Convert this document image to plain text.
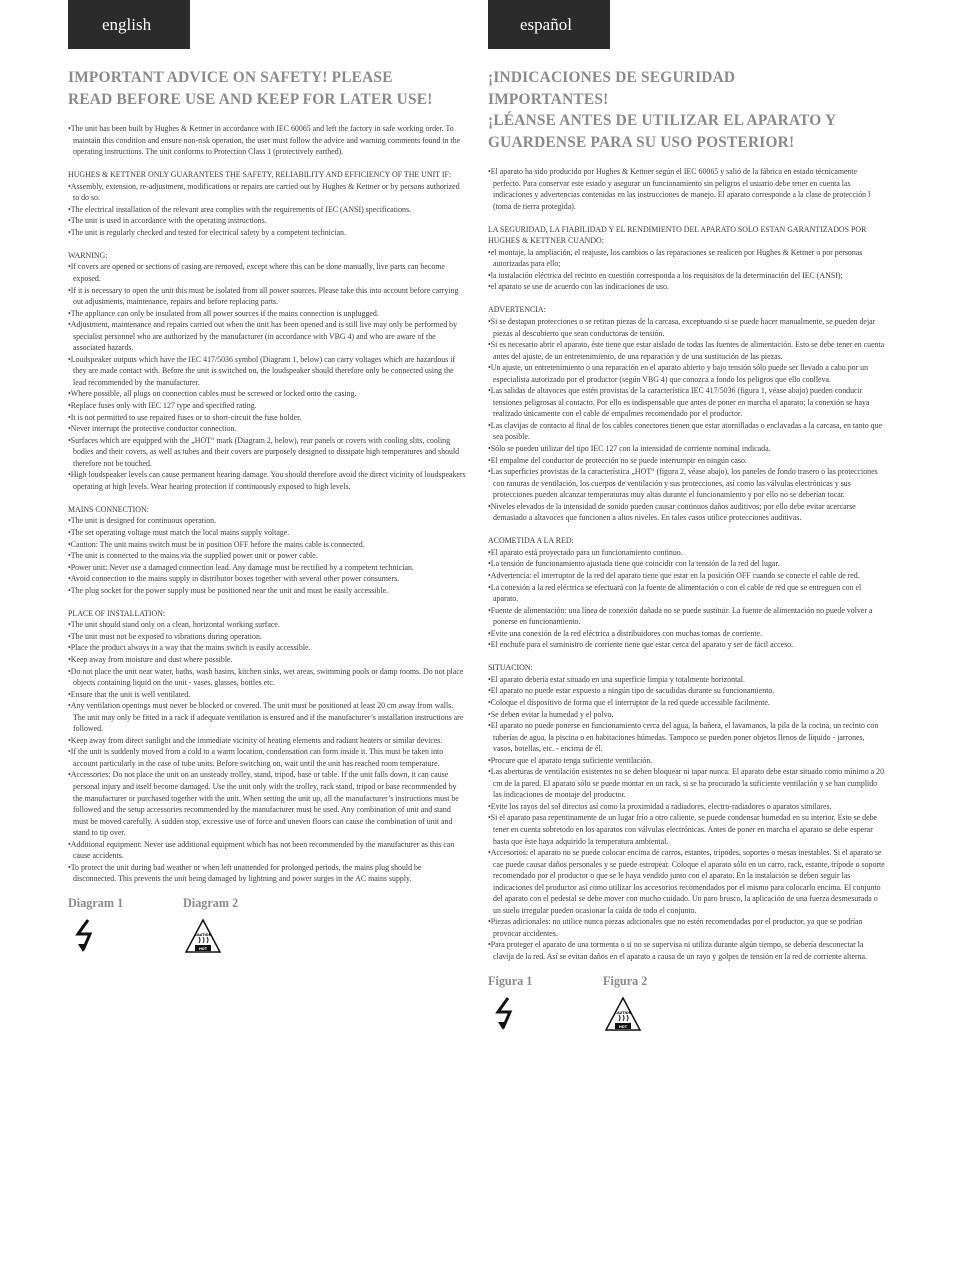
english
IMPORTANT ADVICE ON SAFETY! PLEASE
READ BEFORE USE AND KEEP FOR LATER USE!
• The unit has been built by Hughes & Kettner in accordance with IEC 60065 and left the factory in safe working order. To maintain this condition and ensure non-risk operation, the user must follow the advice and warning comments found in the operating instructions. The unit conforms to Protection Class 1 (protectively earthed).
HUGHES & KETTNER ONLY GUARANTEES THE SAFETY, RELIABILITY AND EFFICIENCY OF THE UNIT IF:
• Assembly, extension, re-adjustment, modifications or repairs are carried out by Hughes & Kettner or by persons authorized to do so.
• The electrical installation of the relevant area complies with the requirements of IEC (ANSI) specifications.
• The unit is used in accordance with the operating instructions.
• The unit is regularly checked and tested for electrical safety by a competent technician.
WARNING:
• If covers are opened or sections of casing are removed, except where this can be done manually, live parts can become exposed.
• If it is necessary to open the unit this must be isolated from all power sources. Please take this into account before carrying out adjustments, maintenance, repairs and before replacing parts.
• The appliance can only be insulated from all power sources if the mains connection is unplugged.
• Adjustment, maintenance and repairs carried out when the unit has been opened and is still live may only be performed by specialist personnel who are authorized by the manufacturer (in accordance with VBG 4) and who are aware of the associated hazards.
• Loudspeaker outputs which have the IEC 417/5036 symbol (Diagram 1, below) can carry voltages which are hazardous if they are made contact with. Before the unit is switched on, the loudspeaker should therefore only be connected using the lead recommended by the manufacturer.
• Where possible, all plugs on connection cables must be screwed or locked onto the casing.
• Replace fuses only with IEC 127 type and specified rating.
• It is not permitted to use repaired fuses or to short-circuit the fuse holder.
• Never interrupt the protective conductor connection.
• Surfaces which are equipped with the „HOT“ mark (Diagram 2, below), rear panels or covers with cooling slits, cooling bodies and their covers, as well as tubes and their covers are purposely designed to dissipate high temperatures and should therefore not be touched.
• High loudspeaker levels can cause permanent hearing damage. You should therefore avoid the direct vicinity of loudspeakers operating at high levels. Wear hearing protection if continuously exposed to high levels.
MAINS CONNECTION:
• The unit is designed for continuous operation.
• The set operating voltage must match the local mains supply voltage.
• Caution: The unit mains switch must be in position OFF before the mains cable is connected.
• The unit is connected to the mains via the supplied power unit or power cable.
• Power unit: Never use a damaged connection lead. Any damage must be rectified by a competent technician.
• Avoid connection to the mains supply in distributor boxes together with several other power consumers.
• The plug socket for the power supply must be positioned near the unit and must be easily accessible.
PLACE OF INSTALLATION:
• The unit should stand only on a clean, horizontal working surface.
• The unit must not be exposed to vibrations during operation.
• Place the product always in a way that the mains switch is easily accessible.
• Keep away from moisture and dust where possible.
• Do not place the unit near water, baths, wash basins, kitchen sinks, wet areas, swimming pools or damp rooms. Do not place objects containing liquid on the unit - vases, glasses, bottles etc.
• Ensure that the unit is well ventilated.
• Any ventilation openings must never be blocked or covered. The unit must be positioned at least 20 cm away from walls. The unit may only be fitted in a rack if adequate ventilation is ensured and if the manufacturer’s installation instructions are followed.
• Keep away from direct sunlight and the immediate vicinity of heating elements and radiant heaters or similar devices.
• If the unit is suddenly moved from a cold to a warm location, condensation can form inside it. This must be taken into account particularly in the case of tube units. Before switching on, wait until the unit has reached room temperature.
• Accessories: Do not place the unit on an unsteady trolley, stand, tripod, base or table. If the unit falls down, it can cause personal injury and itself become damaged. Use the unit only with the trolley, rack stand, tripod or base recommended by the manufacturer or purchased together with the unit. When setting the unit up, all the manufacturer’s instructions must be followed and the setup accessories recommended by the manufacturer must be used. Any combination of unit and stand must be moved carefully. A sudden stop, excessive use of force and uneven floors can cause the combination of unit and stand to tip over.
• Additional equipment: Never use additional equipment which has not been recommended by the manufacturer as this can cause accidents.
• To protect the unit during bad weather or when left unattended for prolonged periods, the mains plug should be disconnected. This prevents the unit being damaged by lightning and power surges in the AC mains supply.
Diagram 1	Diagram 2
CAUTION
HOT
español
¡INDICACIONES DE SEGURIDAD
IMPORTANTES!
¡LÉANSE ANTES DE UTILIZAR EL APARATO Y
GUARDENSE PARA SU USO POSTERIOR!
• El aparato ha sido producido por Hughes & Kettner según el IEC 60065 y salió de la fábrica en estado técnicamente perfecto. Para conservar este estado y asegurar un funcionamiento sin peligros el usuario debe tener en cuenta las indicaciones y advertencias contenidas en las instrucciones de manejo. El aparato corresponde a la clase de protección l (toma de tierra protegida).
LA SEGURIDAD, LA FIABILIDAD Y EL RENDIMIENTO DEL APARATO SOLO ESTAN GARANTIZADOS POR HUGHES & KETTNER CUANDO:
• el montaje, la ampliación, el reajuste, los cambios o las reparaciones se realicen por Hughes & Kettner o por personas autorizadas para ello;
• la instalación eléctrica del recinto en cuestión corresponda a los requisitos de la determinación del IEC (ANSI);
• el aparato se use de acuerdo con las indicaciones de uso.
ADVERTENCIA:
• Si se destapan protecciones o se retiran piezas de la carcasa, exceptuando si se puede hacer manualmente, se pueden dejar piezas al descubierto que sean conductoras de tensión.
• Si es necesario abrir el aparato, éste tiene que estar aislado de todas las fuentes de alimentación. Esto se debe tener en cuenta antes del ajuste, de un entretenimiento, de una reparación y de una sustitución de las piezas.
• Un ajuste, un entretenimiento o una reparación en el aparato abierto y bajo tensión sólo puede ser llevado a cabo por un especialista autorizado por el productor (según VBG 4) que conozca a fondo los peligros que ello conlleva.
• Las salidas de altavoces que estén provistas de la característica IEC 417/5036 (figura 1, véase abajo) pueden conducir tensiones peligrosas al contacto. Por ello es indispensable que antes de poner en marcha el aparato; la conexión se haya realizado únicamente con el cable de empalmes recomendado por el productor.
• Las clavijas de contacto al final de los cables conectores tienen que estar atornilladas o enclavadas a la carcasa, en tanto que sea posible.
• Sólo se pueden utilizar del tipo IEC 127 con la intensidad de corriente nominal indicada.
• El empalme del conductor de protección no se puede interrumpir en ningún caso.
• Las superficies provistas de la característica „HOT“ (figura 2, véase abajo), los paneles de fondo trasero o las protecciones con ranuras de ventilación, los cuerpos de ventilación y sus protecciones, así como las válvulas electrónicas y sus protecciones pueden alcanzar temperaturas muy altas durante el funcionamiento y por ello no se deberían tocar.
• Niveles elevados de la intensidad de sonido pueden causar continuos daños auditivos; por ello debe evitar acercarse demasiado a altavoces que funcionen a altos niveles. En tales casos utilice protecciones auditivas.
ACOMETIDA A LA RED:
• El aparato está proyectado para un funcionamiento continuo.
• La tensión de funcionamiento ajustada tiene que coincidir con la tensión de la red del lugar.
• Advertencia: el interruptor de la red del aparato tiene que estar en la posición OFF cuando se conecte el cable de red.
• La conexión a la red eléctrica se efectuará con la fuente de alimentación o con el cable de red que se entreguen con el aparato.
• Fuente de alimentación: una línea de conexión dañada no se puede sustituir. La fuente de alimentación no puede volver a ponerse en funcionamiento.
• Evite una conexión de la red eléctrica a distribuidores con muchas tomas de corriente.
• El enchufe para el suministro de corriente tiene que estar cerca del aparato y ser de fácil acceso.
SITUACION:
• El aparato debería estar situado en una superficie limpia y totalmente horizontal.
• El aparato no puede estar expuesto a ningún tipo de sacudidas durante su funcionamiento.
• Coloque el dispositivo de forma que el interruptor de la red quede accessible facilmente.
• Se deben evitar la humedad y el polvo.
• El aparato no puede ponerse en funcionamiento cerca del agua, la bañera, el lavamanos, la pila de la cocina, un recinto con tuberías de agua, la piscina o en habitaciones húmedas. Tampoco se pueden poner objetos llenos de líquido - jarrones, vasos, botellas, etc. - encima de él.
• Procure que el aparato tenga suficiente ventilación.
• Las aberturas de ventilación existentes no se deben bloquear ni tapar nunca. El aparato debe estar situado como mínimo a 20 cm de la pared. El aparato sólo se puede montar en un rack, si se ha procurado la suficiente ventilación y se han cumplido las indicaciones de montaje del productor.
• Evite los rayos del sol directos así como la proximidad a radiadores, electro-radiadores o aparatos similares.
• Si el aparato pasa repentinamente de un lugar frío a otro caliente, se puede condensar humedad en su interior. Esto se debe tener en cuenta sobretodo en los aparatos con válvulas electrónicas. Antes de poner en marcha el aparato se debe esperar hasta que éste haya adquirido la temperatura ambiental.
• Accesorios: el aparato no se puede colocar encima de carros, estantes, trípodes, soportes o mesas inestables. Si el aparato se cae puede causar daños personales y se puede estropear. Coloque el aparato sólo en un carro, rack, estante, trípode o soporte recomendado por el productor o que se le haya vendido junto con el aparato. En la instalación se deben seguir las indicaciones del productor así como utilizar los accesorios recomendados por el mismo para colocarlo encima. El conjunto del aparato con el pedestal se debe mover con mucho cuidado. Un paro brusco, la aplicación de una fuerza desmesurada o un suelo irregular pueden ocasionar la caída de todo el conjunto.
• Piezas adicionales: no utilice nunca piezas adicionales que no estén recomendadas por el productor, ya que se podrían provocar accidentes.
• Para proteger el aparato de una tormenta o si no se supervisa ni utiliza durante algún tiempo, se debería desconectar la clavija de la red. Así se evitan daños en el aparato a causa de un rayo y golpes de tensión en la red de corriente alterna.
Figura 1	Figura 2
CAUTION
HOT
